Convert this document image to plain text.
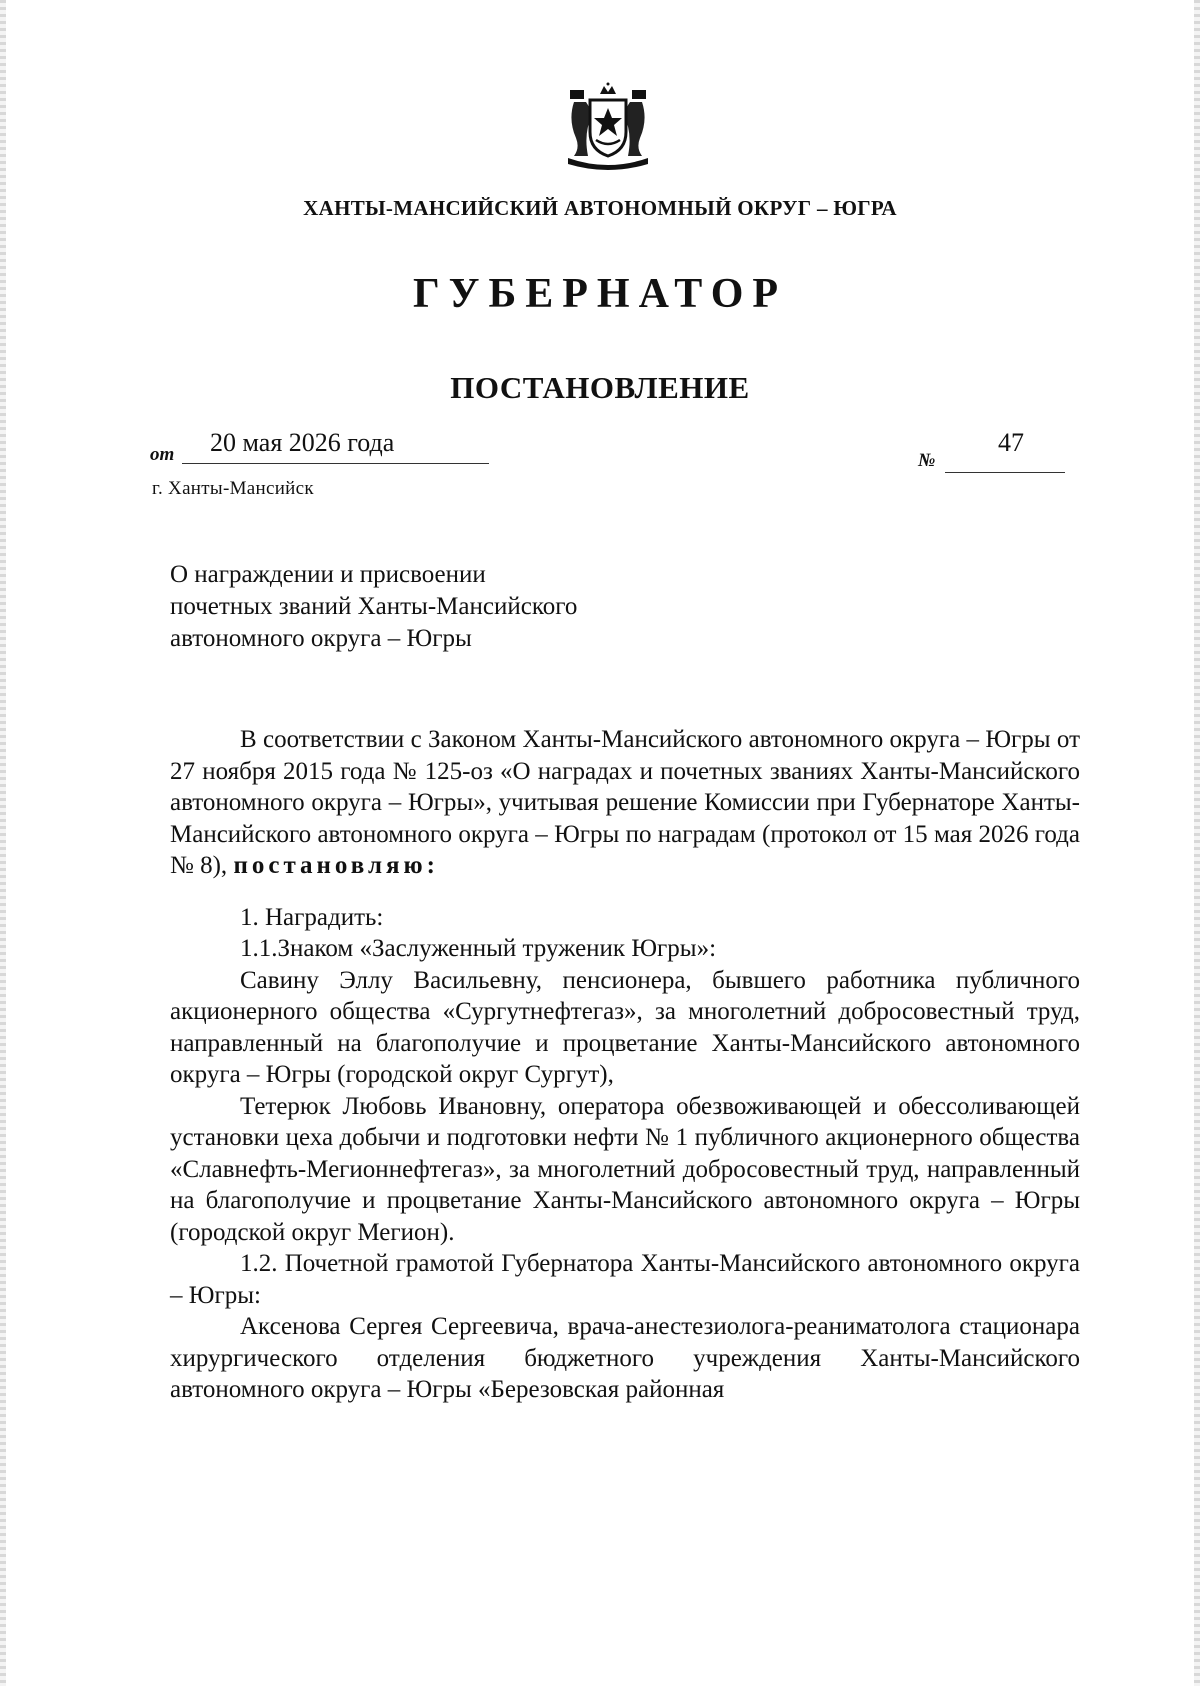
ХАНТЫ-МАНСИЙСКИЙ АВТОНОМНЫЙ ОКРУГ – ЮГРА
ГУБЕРНАТОР
ПОСТАНОВЛЕНИЕ
от 20 мая 2026 года
№
47
г. Ханты-Мансийск
О награждении и присвоении
почетных званий Ханты-Мансийского
автономного округа – Югры

В соответствии с Законом Ханты-Мансийского автономного округа – Югры от 27 ноября 2015 года № 125-оз «О наградах и почетных званиях Ханты-Мансийского автономного округа – Югры», учитывая решение Комиссии при Губернаторе Ханты-Мансийского автономного округа – Югры по наградам (протокол от 15 мая 2026 года № 8), постановляю:

1. Наградить:

1.1.Знаком «Заслуженный труженик Югры»:

Савину Эллу Васильевну, пенсионера, бывшего работника публичного акционерного общества «Сургутнефтегаз», за многолетний добросовестный труд, направленный на благополучие и процветание Ханты-Мансийского автономного округа – Югры (городской округ Сургут),

Тетерюк Любовь Ивановну, оператора обезвоживающей и обессоливающей установки цеха добычи и подготовки нефти № 1 публичного акционерного общества «Славнефть-Мегионнефтегаз», за многолетний добросовестный труд, направленный на благополучие и процветание Ханты-Мансийского автономного округа – Югры (городской округ Мегион).

1.2. Почетной грамотой Губернатора Ханты-Мансийского автономного округа – Югры:

Аксенова Сергея Сергеевича, врача-анестезиолога-реаниматолога стационара хирургического отделения бюджетного учреждения Ханты-Мансийского автономного округа – Югры «Березовская районная
